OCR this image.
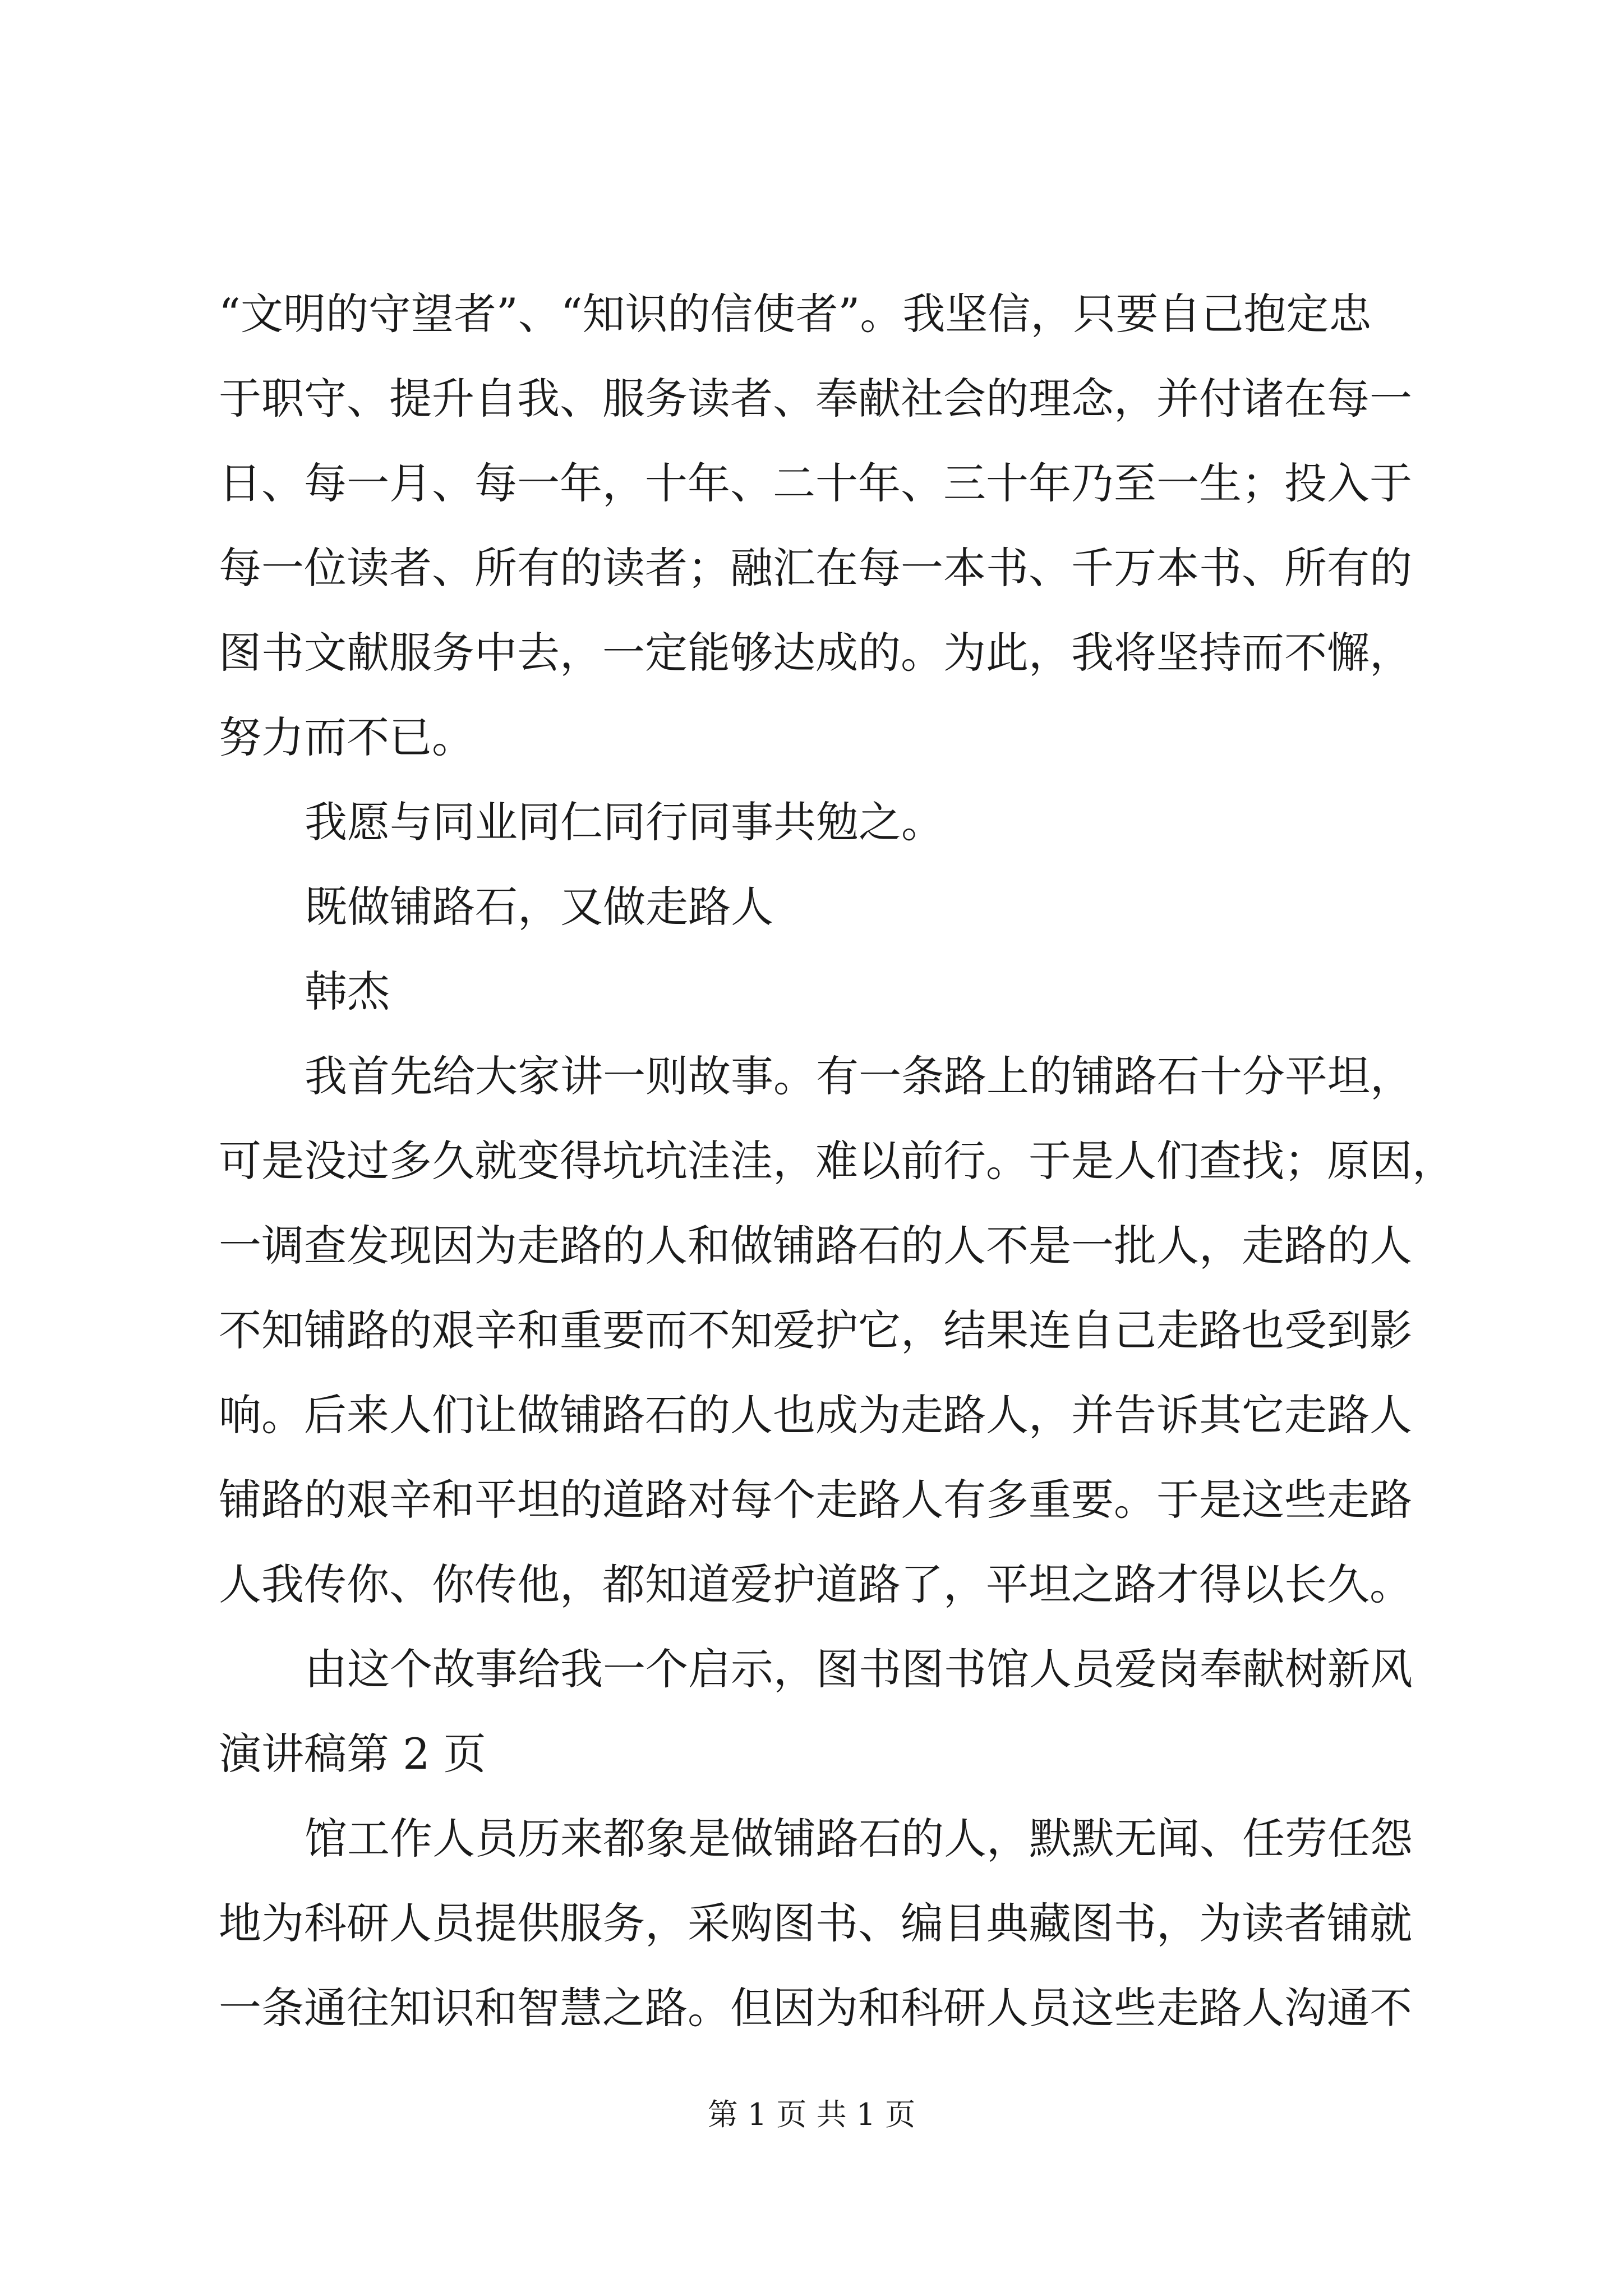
“文明的守望者”、“知识的信使者”。我坚信，只要自己抱定忠
于职守、提升自我、服务读者、奉献社会的理念，并付诸在每一
日、每一月、每一年，十年、二十年、三十年乃至一生；投入于
每一位读者、所有的读者；融汇在每一本书、千万本书、所有的
图书文献服务中去，一定能够达成的。为此，我将坚持而不懈，
努力而不已。
我愿与同业同仁同行同事共勉之。
既做铺路石，又做走路人
韩杰
我首先给大家讲一则故事。有一条路上的铺路石十分平坦，
可是没过多久就变得坑坑洼洼，难以前行。于是人们查找；原因，
一调查发现因为走路的人和做铺路石的人不是一批人，走路的人
不知铺路的艰辛和重要而不知爱护它，结果连自己走路也受到影
响。后来人们让做铺路石的人也成为走路人，并告诉其它走路人
铺路的艰辛和平坦的道路对每个走路人有多重要。于是这些走路
人我传你、你传他，都知道爱护道路了，平坦之路才得以长久。
由这个故事给我一个启示，图书图书馆人员爱岗奉献树新风
演讲稿第 2 页
馆工作人员历来都象是做铺路石的人，默默无闻、任劳任怨
地为科研人员提供服务，采购图书、编目典藏图书，为读者铺就
一条通往知识和智慧之路。但因为和科研人员这些走路人沟通不
第 1 页 共 1 页
